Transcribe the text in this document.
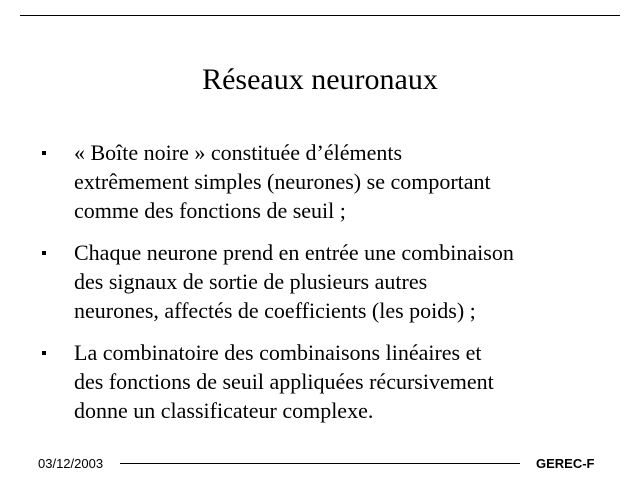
Réseaux neuronaux
« Boîte noire » constituée d’éléments
extrêmement simples (neurones) se comportant
comme des fonctions de seuil ;
Chaque neurone prend en entrée une combinaison
des signaux de sortie de plusieurs autres
neurones, affectés de coefficients (les poids) ;
La combinatoire des combinaisons linéaires et
des fonctions de seuil appliquées récursivement
donne un classificateur complexe.
03/12/2003	GEREC-F
